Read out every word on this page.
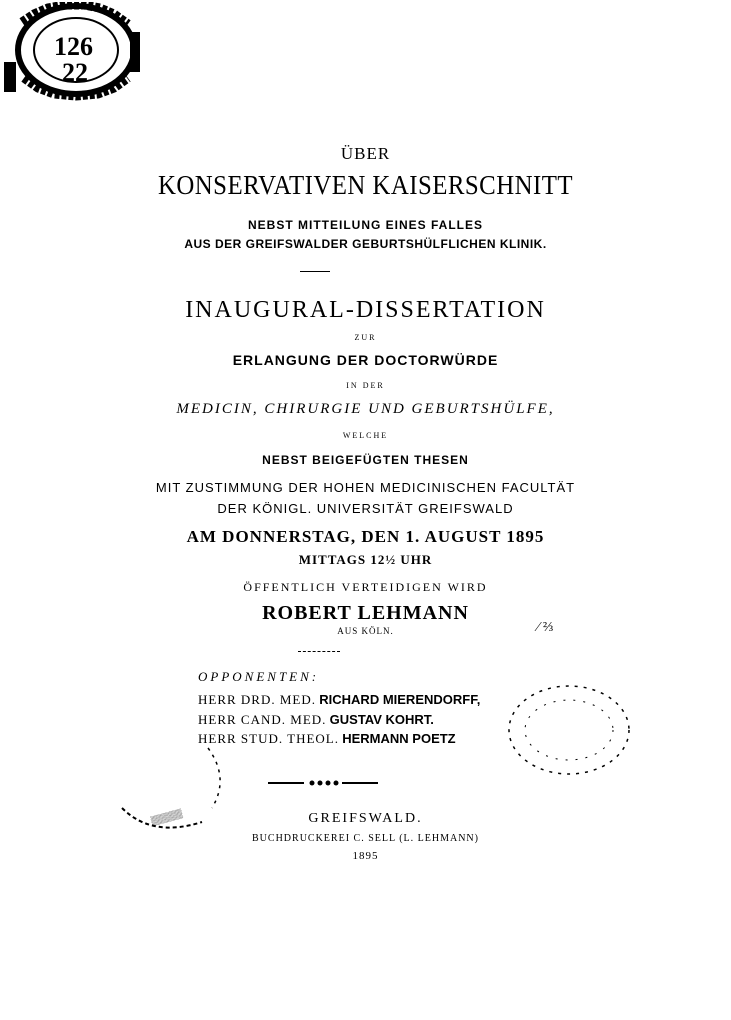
126
22
ÜBER
KONSERVATIVEN KAISERSCHNITT
NEBST MITTEILUNG EINES FALLES
AUS DER GREIFSWALDER GEBURTSHÜLFLICHEN KLINIK.
INAUGURAL-DISSERTATION
ZUR
ERLANGUNG DER DOCTORWÜRDE
IN DER
MEDICIN, CHIRURGIE UND GEBURTSHÜLFE,
WELCHE
NEBST BEIGEFÜGTEN THESEN
MIT ZUSTIMMUNG DER HOHEN MEDICINISCHEN FACULTÄT
DER KÖNIGL. UNIVERSITÄT GREIFSWALD
AM DONNERSTAG, DEN 1. AUGUST 1895
MITTAGS 12½ UHR
ÖFFENTLICH VERTEIDIGEN WIRD
ROBERT LEHMANN
AUS KÖLN.	⁄ ⅔
OPPONENTEN:
HERR DRD. MED. RICHARD MIERENDORFF,
HERR CAND. MED. GUSTAV KOHRT.
HERR STUD. THEOL. HERMANN POETZ
▒▒▒▒▒	GREIFSWALD.
BUCHDRUCKEREI C. SELL (L. LEHMANN)
1895
